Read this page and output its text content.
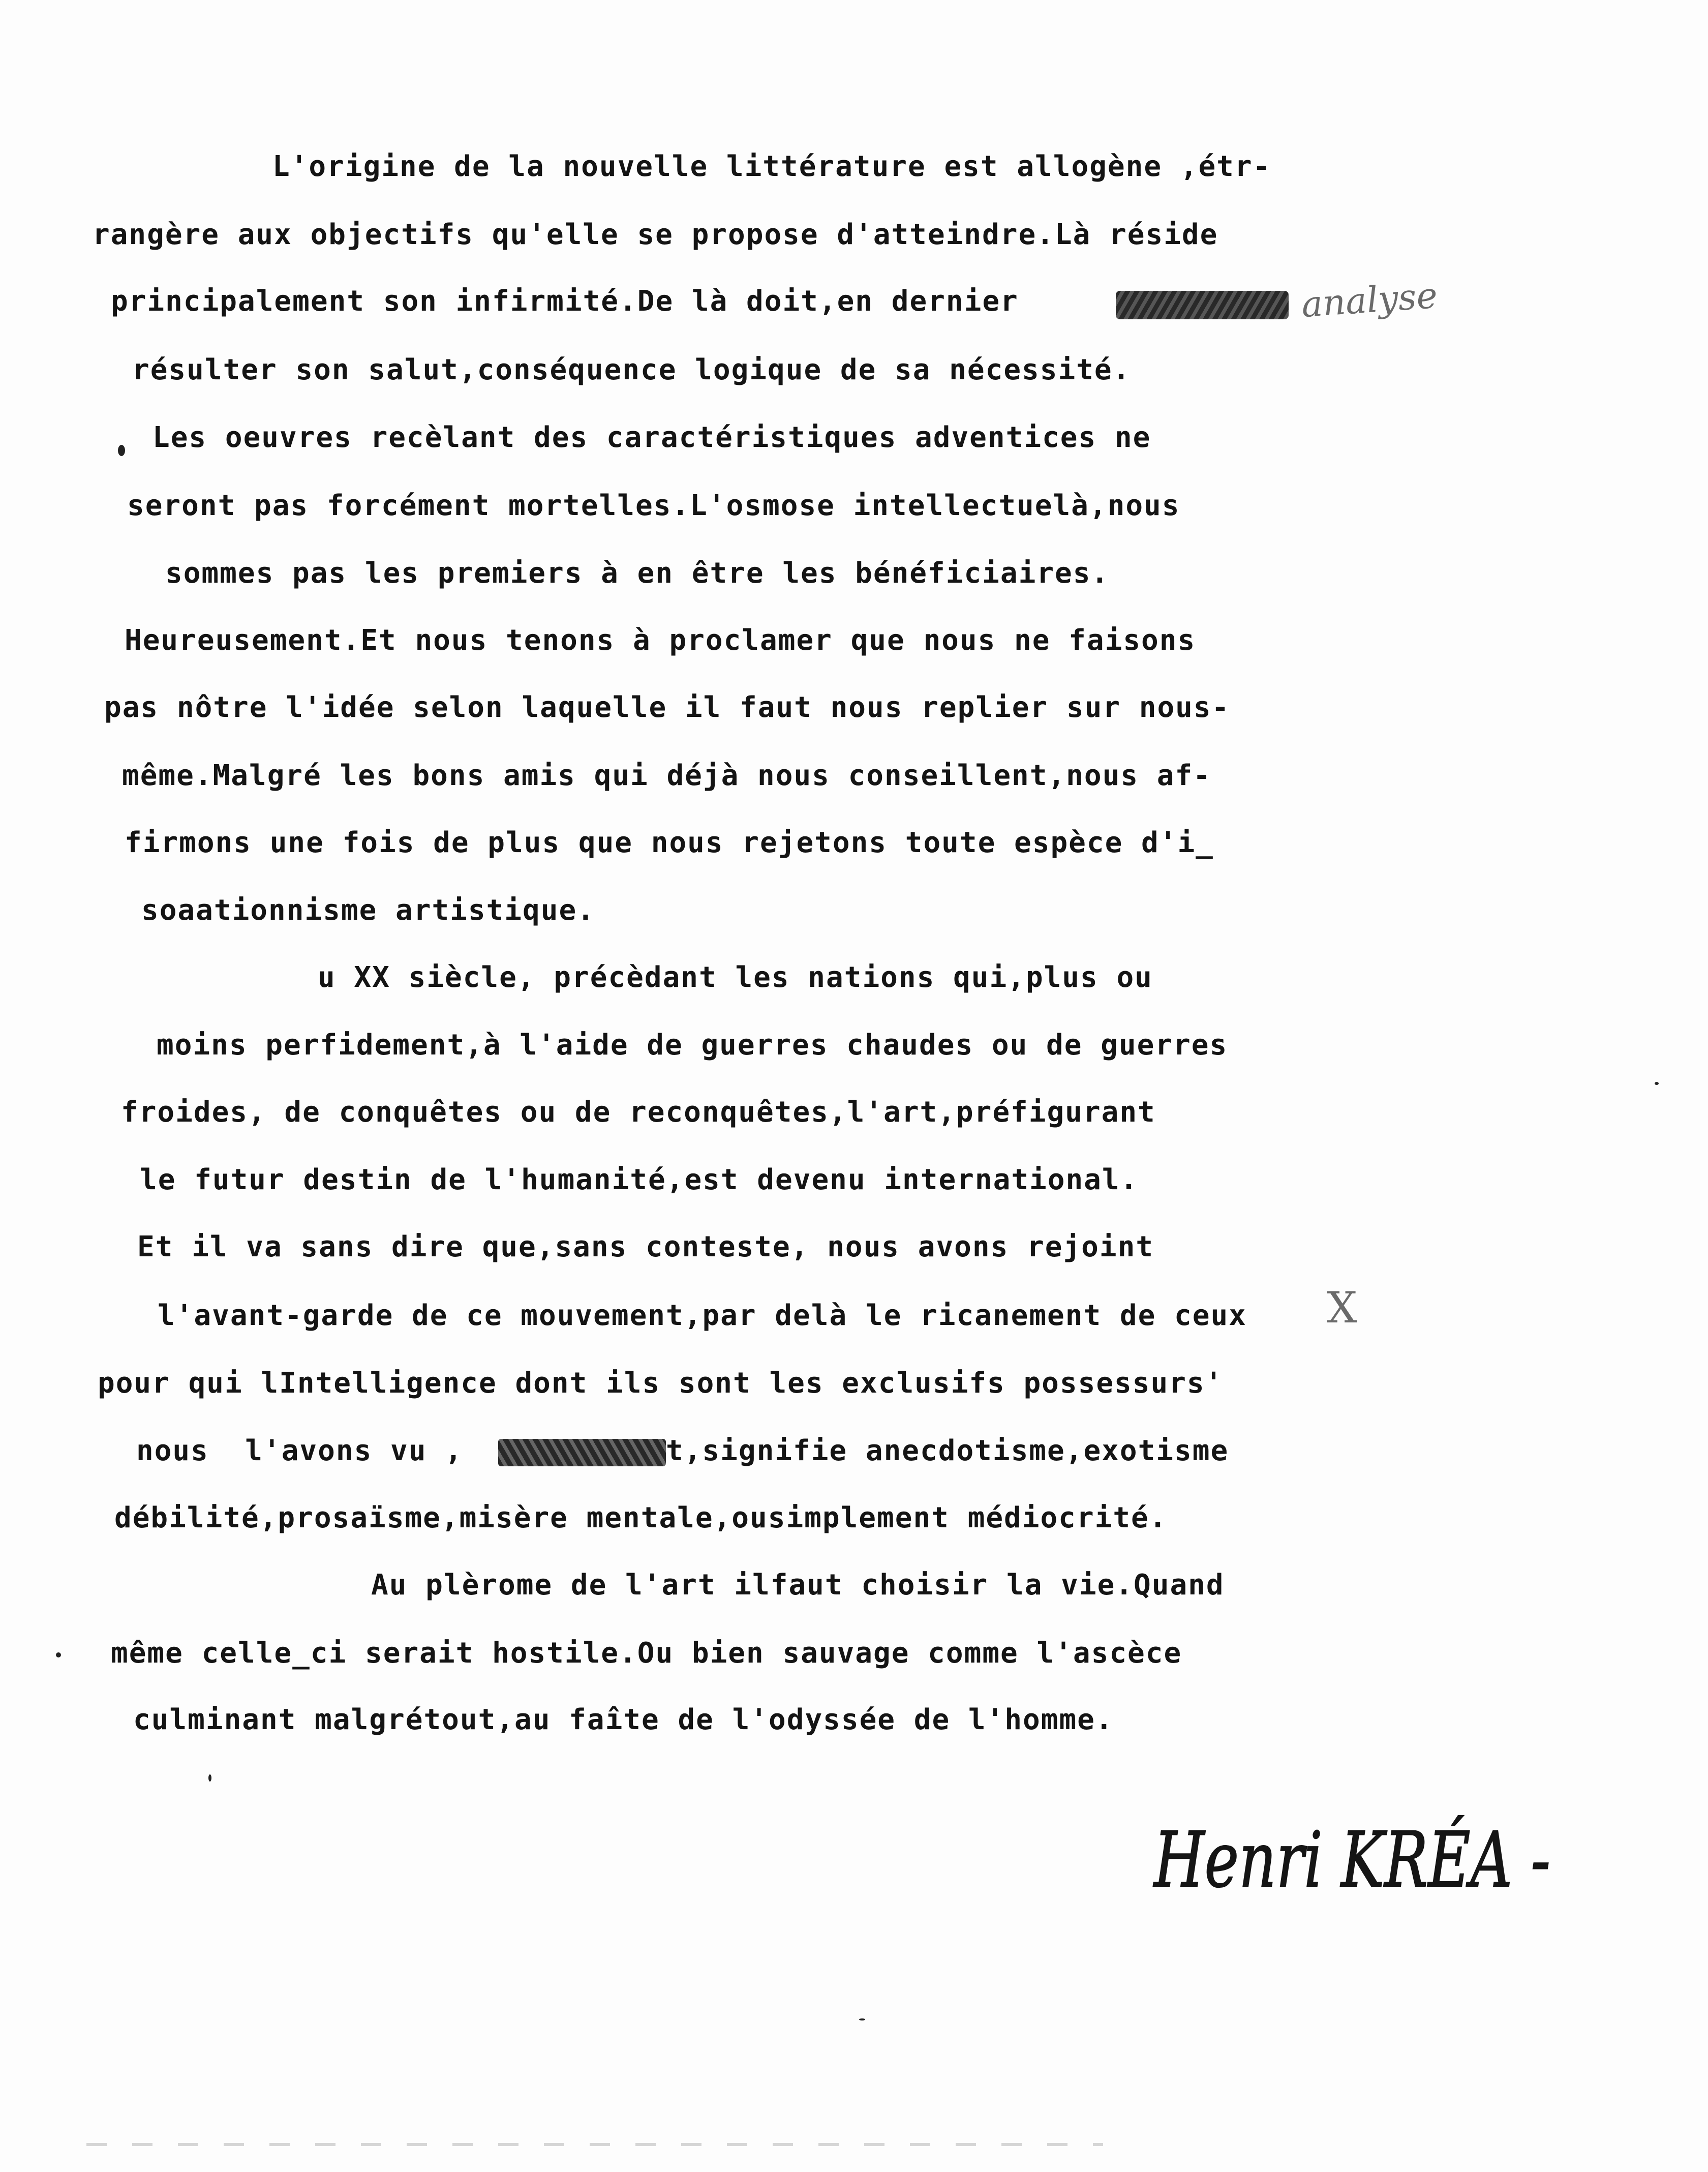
L'origine de la nouvelle littérature est allogène ,étr-
rangère aux objectifs qu'elle se propose d'atteindre.Là réside
principalement son infirmité.De là doit,en dernier	analyse
résulter son salut,conséquence logique de sa nécessité.
Les oeuvres recèlant des caractéristiques adventices ne
seront pas forcément mortelles.L'osmose intellectuelà,nous
sommes pas les premiers à en être les bénéficiaires.
Heureusement.Et nous tenons à proclamer que nous ne faisons
pas nôtre l'idée selon laquelle il faut nous replier sur nous-
même.Malgré les bons amis qui déjà nous conseillent,nous af-
firmons une fois de plus que nous rejetons toute espèce d'i_
soaationnisme artistique.
u XX siècle, précèdant les nations qui,plus ou
moins perfidement,à l'aide de guerres chaudes ou de guerres
froides, de conquêtes ou de reconquêtes,l'art,préfigurant
le futur destin de l'humanité,est devenu international.
Et il va sans dire que,sans conteste, nous avons rejoint
l'avant-garde de ce mouvement,par delà le ricanement de ceux X
pour qui lIntelligence dont ils sont les exclusifs possessurs'
nous  l'avons vu ,	t,signifie anecdotisme,exotisme
débilité,prosaïsme,misère mentale,ousimplement médiocrité.
Au plèrome de l'art ilfaut choisir la vie.Quand
même celle_ci serait hostile.Ou bien sauvage comme l'ascèce
culminant malgrétout,au faîte de l'odyssée de l'homme.
Henri KRÉA -
